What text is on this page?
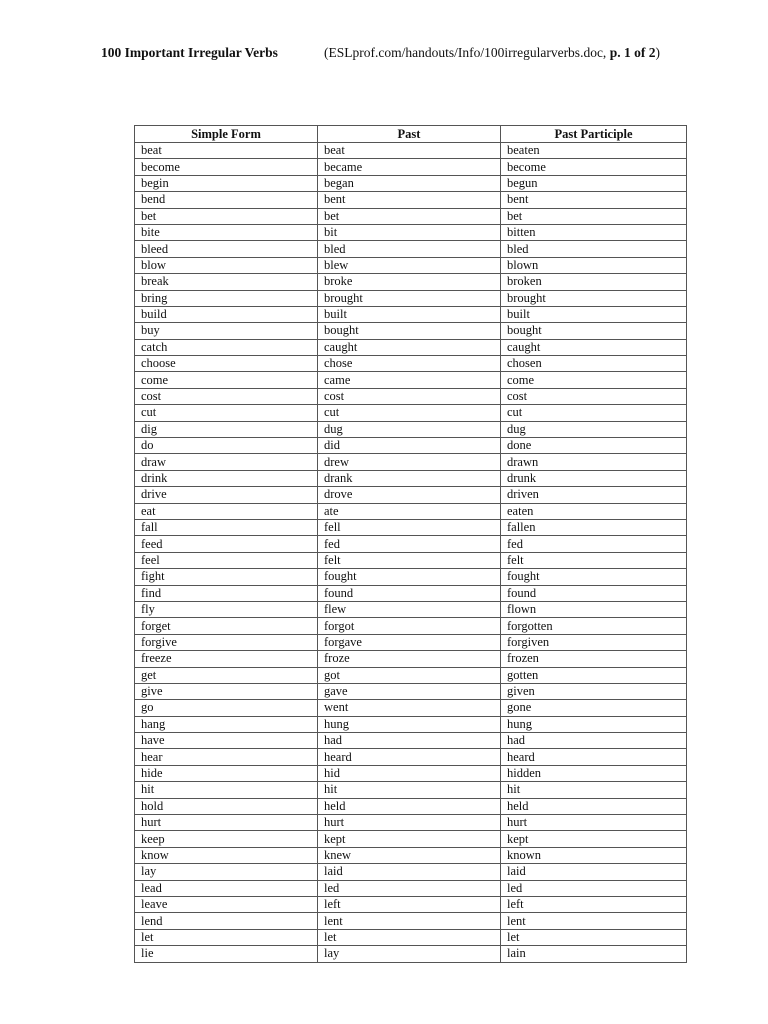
100 Important Irregular Verbs	(ESLprof.com/handouts/Info/100irregularverbs.doc, p. 1 of 2)
Simple Form	Past	Past Participle
beat	beat	beaten
become	became	become
begin	began	begun
bend	bent	bent
bet	bet	bet
bite	bit	bitten
bleed	bled	bled
blow	blew	blown
break	broke	broken
bring	brought	brought
build	built	built
buy	bought	bought
catch	caught	caught
choose	chose	chosen
come	came	come
cost	cost	cost
cut	cut	cut
dig	dug	dug
do	did	done
draw	drew	drawn
drink	drank	drunk
drive	drove	driven
eat	ate	eaten
fall	fell	fallen
feed	fed	fed
feel	felt	felt
fight	fought	fought
find	found	found
fly	flew	flown
forget	forgot	forgotten
forgive	forgave	forgiven
freeze	froze	frozen
get	got	gotten
give	gave	given
go	went	gone
hang	hung	hung
have	had	had
hear	heard	heard
hide	hid	hidden
hit	hit	hit
hold	held	held
hurt	hurt	hurt
keep	kept	kept
know	knew	known
lay	laid	laid
lead	led	led
leave	left	left
lend	lent	lent
let	let	let
lie	lay	lain
